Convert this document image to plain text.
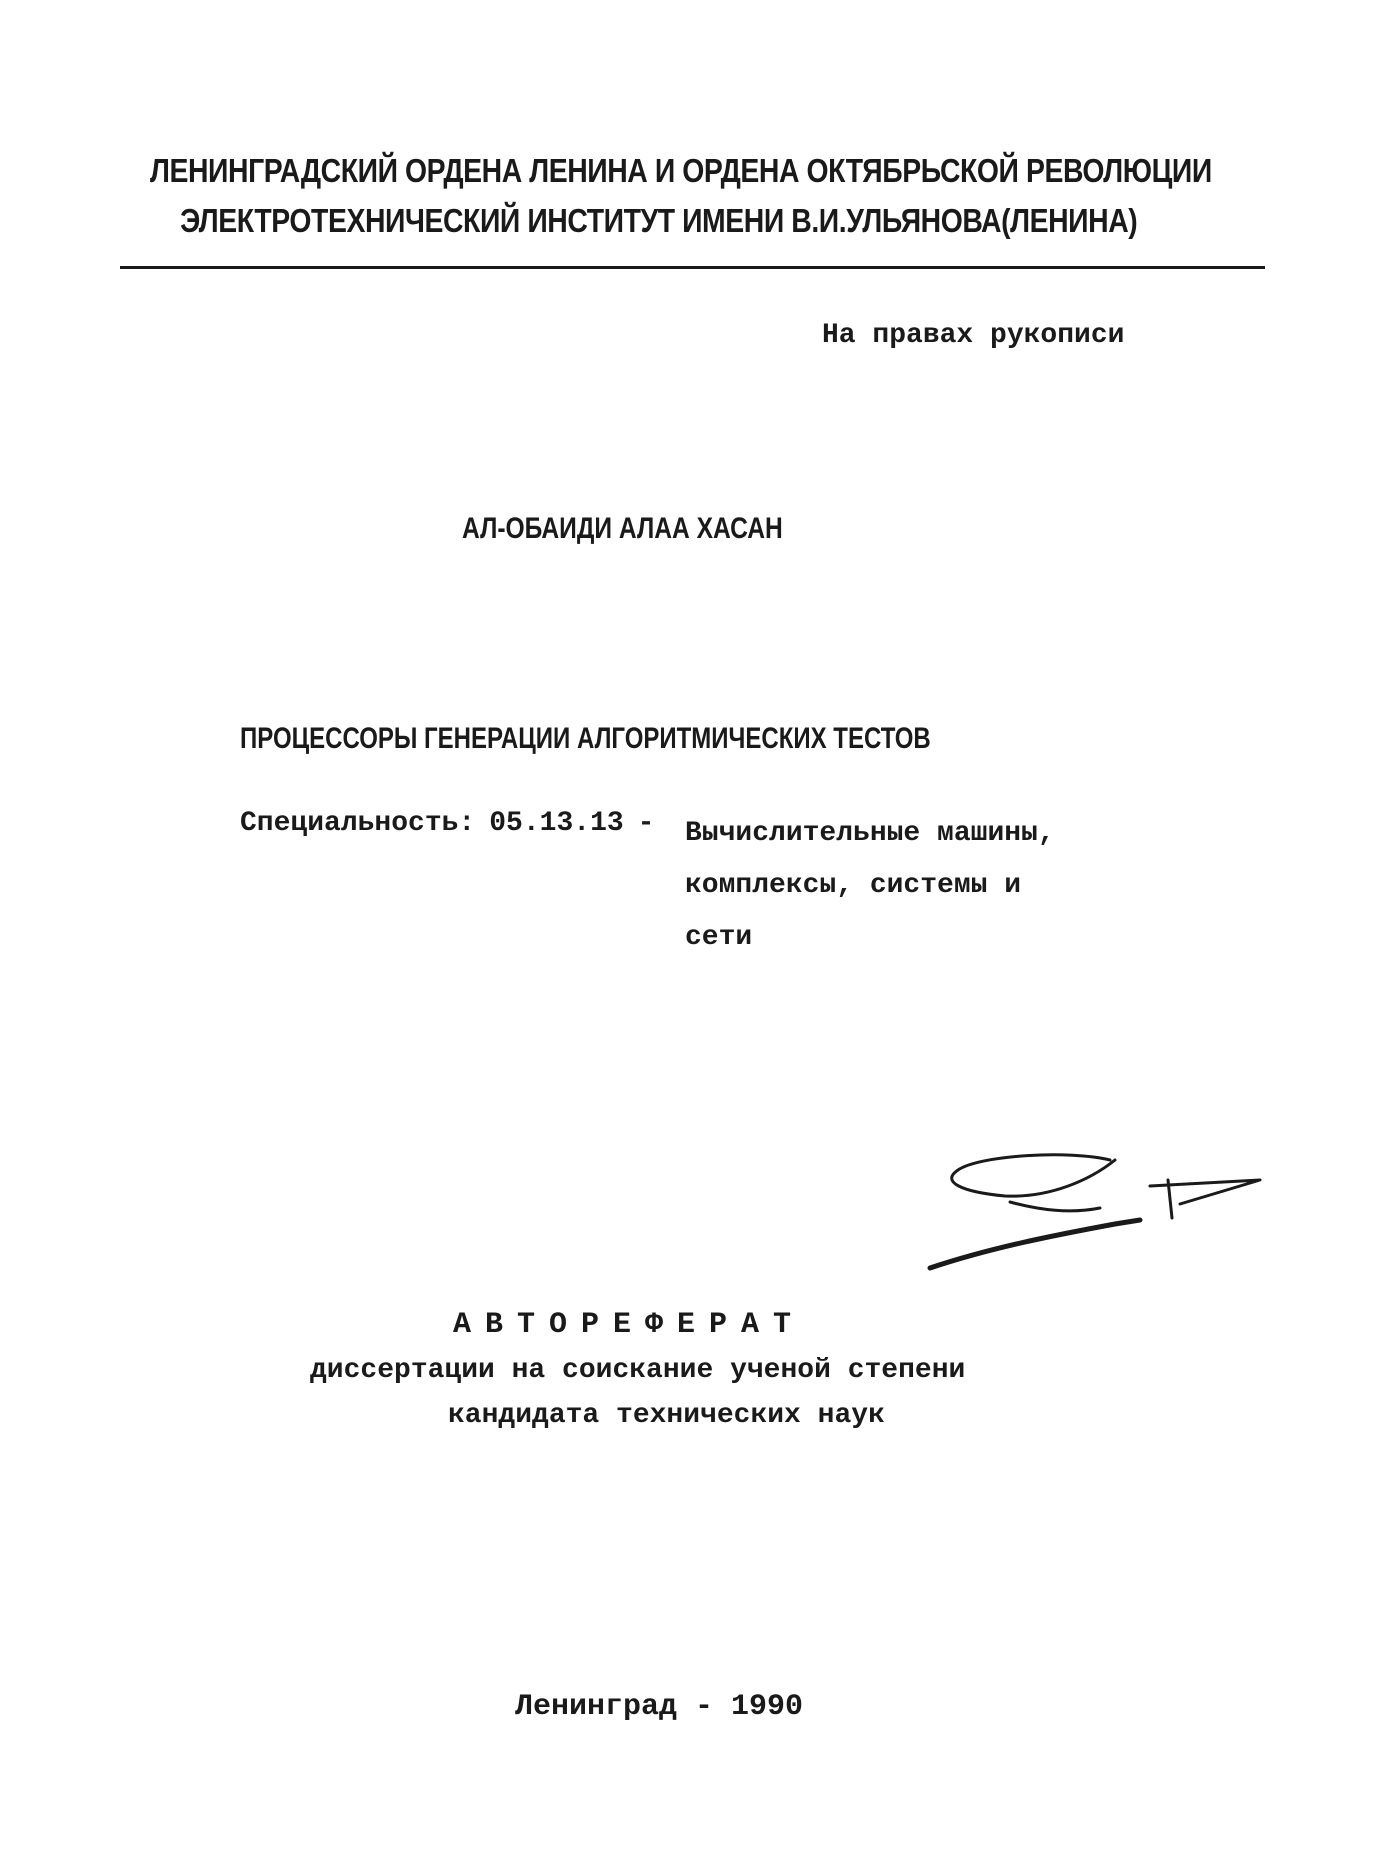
ЛЕНИНГРАДСКИЙ ОРДЕНА ЛЕНИНА И ОРДЕНА ОКТЯБРЬСКОЙ РЕВОЛЮЦИИ
ЭЛЕКТРОТЕХНИЧЕСКИЙ ИНСТИТУТ ИМЕНИ В.И.УЛЬЯНОВА(ЛЕНИНА)
На правах рукописи
АЛ-ОБАИДИ АЛАА ХАСАН
ПРОЦЕССОРЫ ГЕНЕРАЦИИ АЛГОРИТМИЧЕСКИХ ТЕСТОВ
Специальность: 05.13.13 - Вычислительные машины,
комплексы, системы и
сети
АВТОРЕФЕРАТ
диссертации на соискание ученой степени
кандидата технических наук
Ленинград - 1990
